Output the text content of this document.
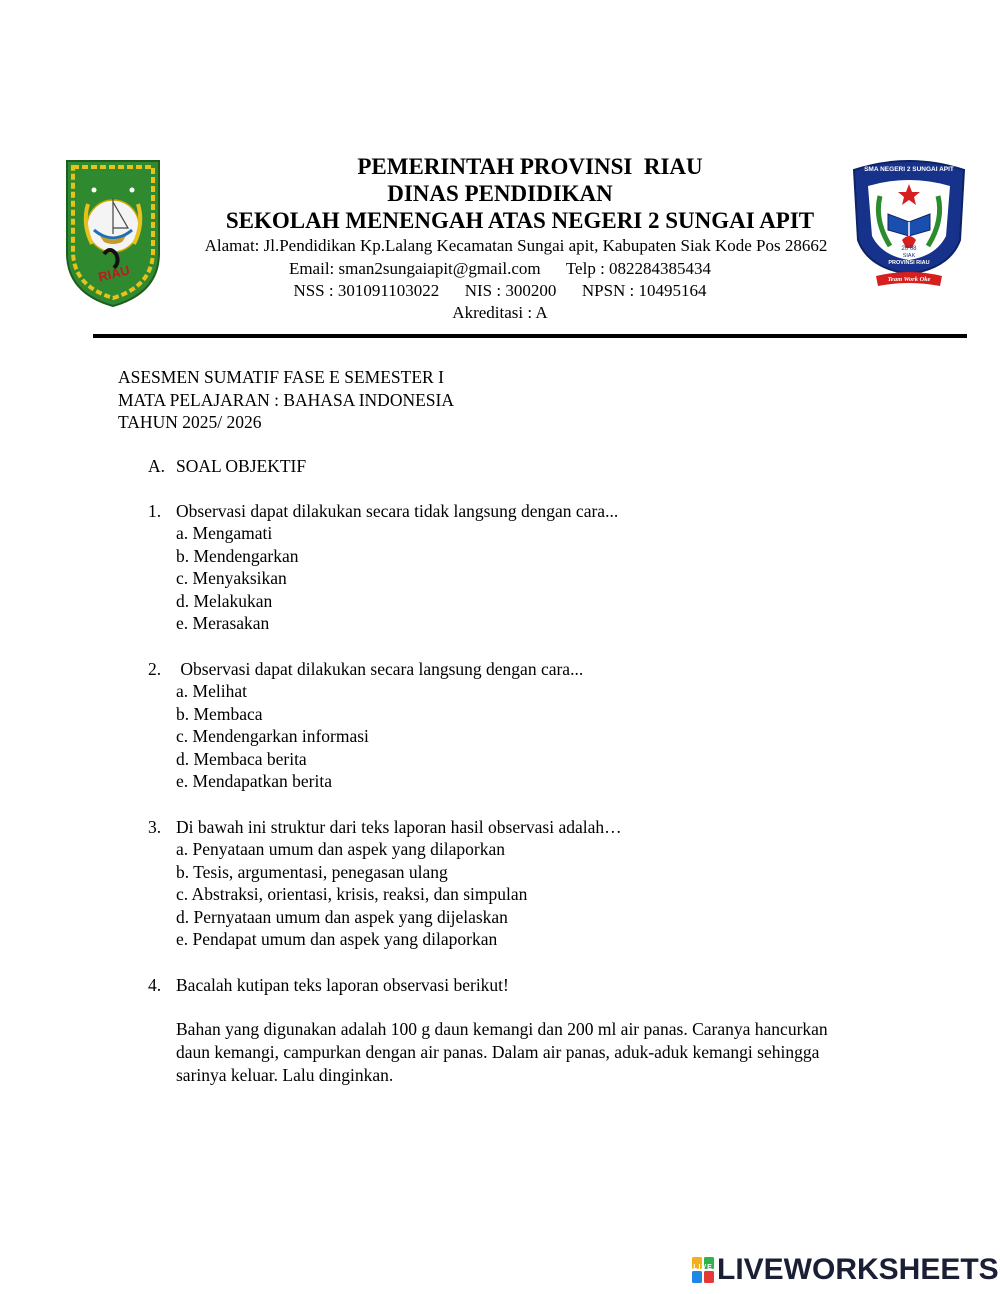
RIAU
SMA NEGERI 2 SUNGAI APIT
20 08
SIAK
PROVINSI RIAU
Team Work Oke
PEMERINTAH PROVINSI  RIAU
DINAS PENDIDIKAN
SEKOLAH MENENGAH ATAS NEGERI 2 SUNGAI APIT
Alamat: Jl.Pendidikan Kp.Lalang Kecamatan Sungai apit, Kabupaten Siak Kode Pos 28662
Email: sman2sungaiapit@gmail.com      Telp : 082284385434
NSS : 301091103022      NIS : 300200      NPSN : 10495164
Akreditasi : A
ASESMEN SUMATIF FASE E SEMESTER I
MATA PELAJARAN : BAHASA INDONESIA
TAHUN 2025/ 2026
A. SOAL OBJEKTIF
1. Observasi dapat dilakukan secara tidak langsung dengan cara...
a. Mengamati
b. Mendengarkan
c. Menyaksikan
d. Melakukan
e. Merasakan
2. Observasi dapat dilakukan secara langsung dengan cara...
a. Melihat
b. Membaca
c. Mendengarkan informasi
d. Membaca berita
e. Mendapatkan berita
3. Di bawah ini struktur dari teks laporan hasil observasi adalah…
a. Penyataan umum dan aspek yang dilaporkan
b. Tesis, argumentasi, penegasan ulang
c. Abstraksi, orientasi, krisis, reaksi, dan simpulan
d. Pernyataan umum dan aspek yang dijelaskan
e. Pendapat umum dan aspek yang dilaporkan
4. Bacalah kutipan teks laporan observasi berikut!
Bahan yang digunakan adalah 100 g daun kemangi dan 200 ml air panas. Caranya hancurkan daun kemangi, campurkan dengan air panas. Dalam air panas, aduk-aduk kemangi sehingga sarinya keluar. Lalu dinginkan.
LIVE LIVEWORKSHEETS
